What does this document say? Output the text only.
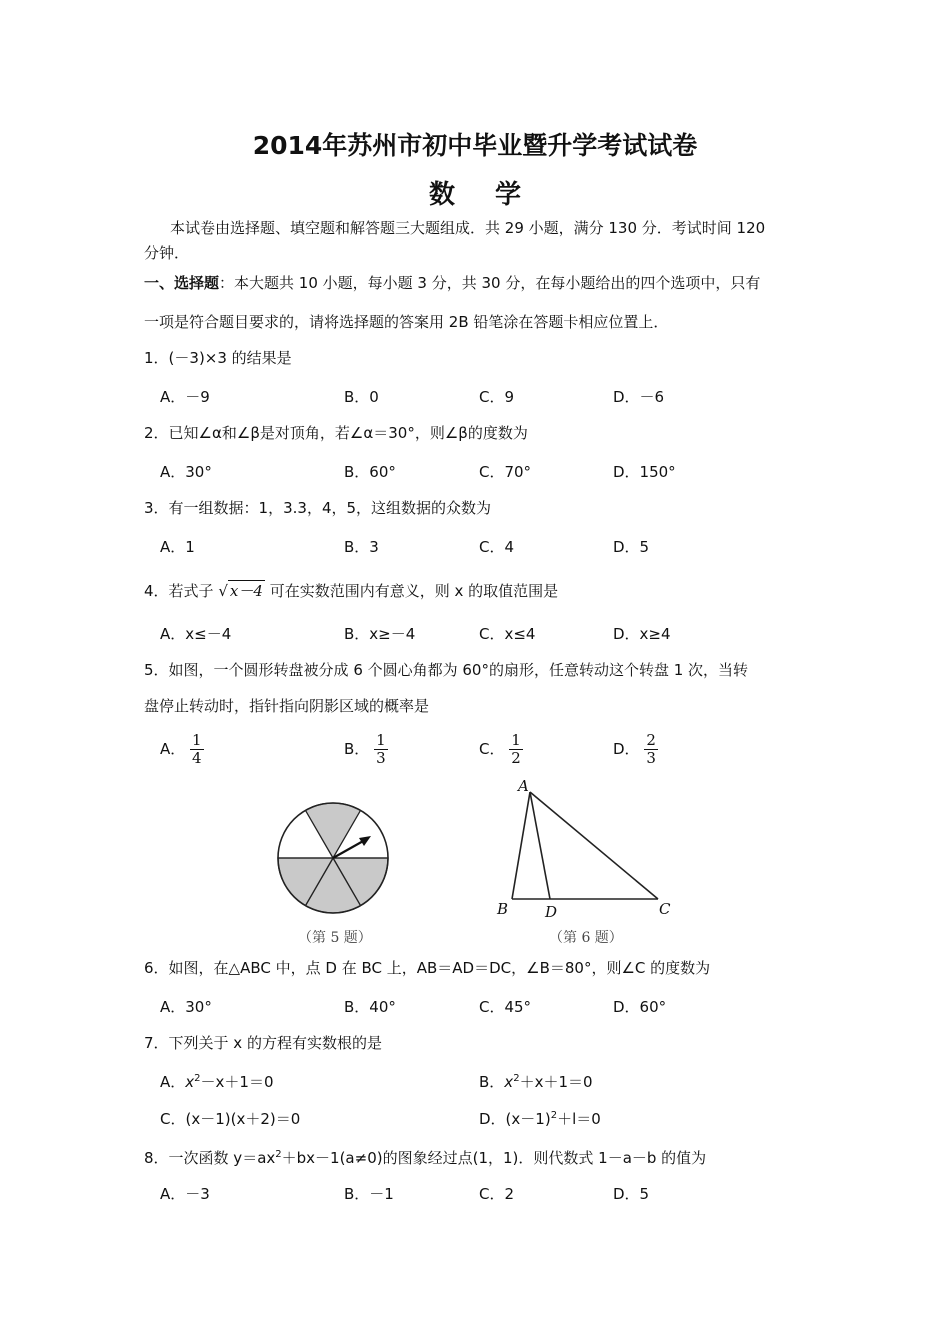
2014年苏州市初中毕业暨升学考试试卷
数 学
本试卷由选择题、填空题和解答题三大题组成．共 29 小题，满分 130 分．考试时间 120
分钟．
一、选择题：本大题共 10 小题，每小题 3 分，共 30 分，在每小题给出的四个选项中，只有
一项是符合题目要求的，请将选择题的答案用 2B 铅笔涂在答题卡相应位置上．
1．(－3)×3 的结果是
A．－9	B．0	C．9	D．－6
2．已知∠α和∠β是对顶角，若∠α＝30°，则∠β的度数为
A．30°	B．60°	C．70°	D．150°
3．有一组数据：1，3.3，4，5，这组数据的众数为
A．1	B．3	C．4	D．5
4．若式子 √ x－4 可在实数范围内有意义，则 x 的取值范围是
A．x≤－4	B．x≥－4	C．x≤4	D．x≥4
5．如图，一个圆形转盘被分成 6 个圆心角都为 60°的扇形，任意转动这个转盘 1 次，当转
盘停止转动时，指针指向阴影区域的概率是
A． $\frac{1}{4}$	B． $\frac{1}{3}$	C． $\frac{1}{2}$	D． $\frac{2}{3}$
（第 5 题）
A
B D	C
（第 6 题）
6．如图，在△ABC 中，点 D 在 BC 上，AB＝AD＝DC，∠B＝80°，则∠C 的度数为
A．30°	B．40°	C．45°	D．60°
7．下列关于 x 的方程有实数根的是
A．$x^2-x+1=0$	B．$x^2+x+1=0$
C．(x－1)(x＋2)＝0	D．$(x-1)^2+l=0$
8．一次函数 $y=ax^2+bx-1(a\ne 0)$的图象经过点(1，1)．则代数式 1－a－b 的值为
A．－3	B．－1	C．2	D．5
